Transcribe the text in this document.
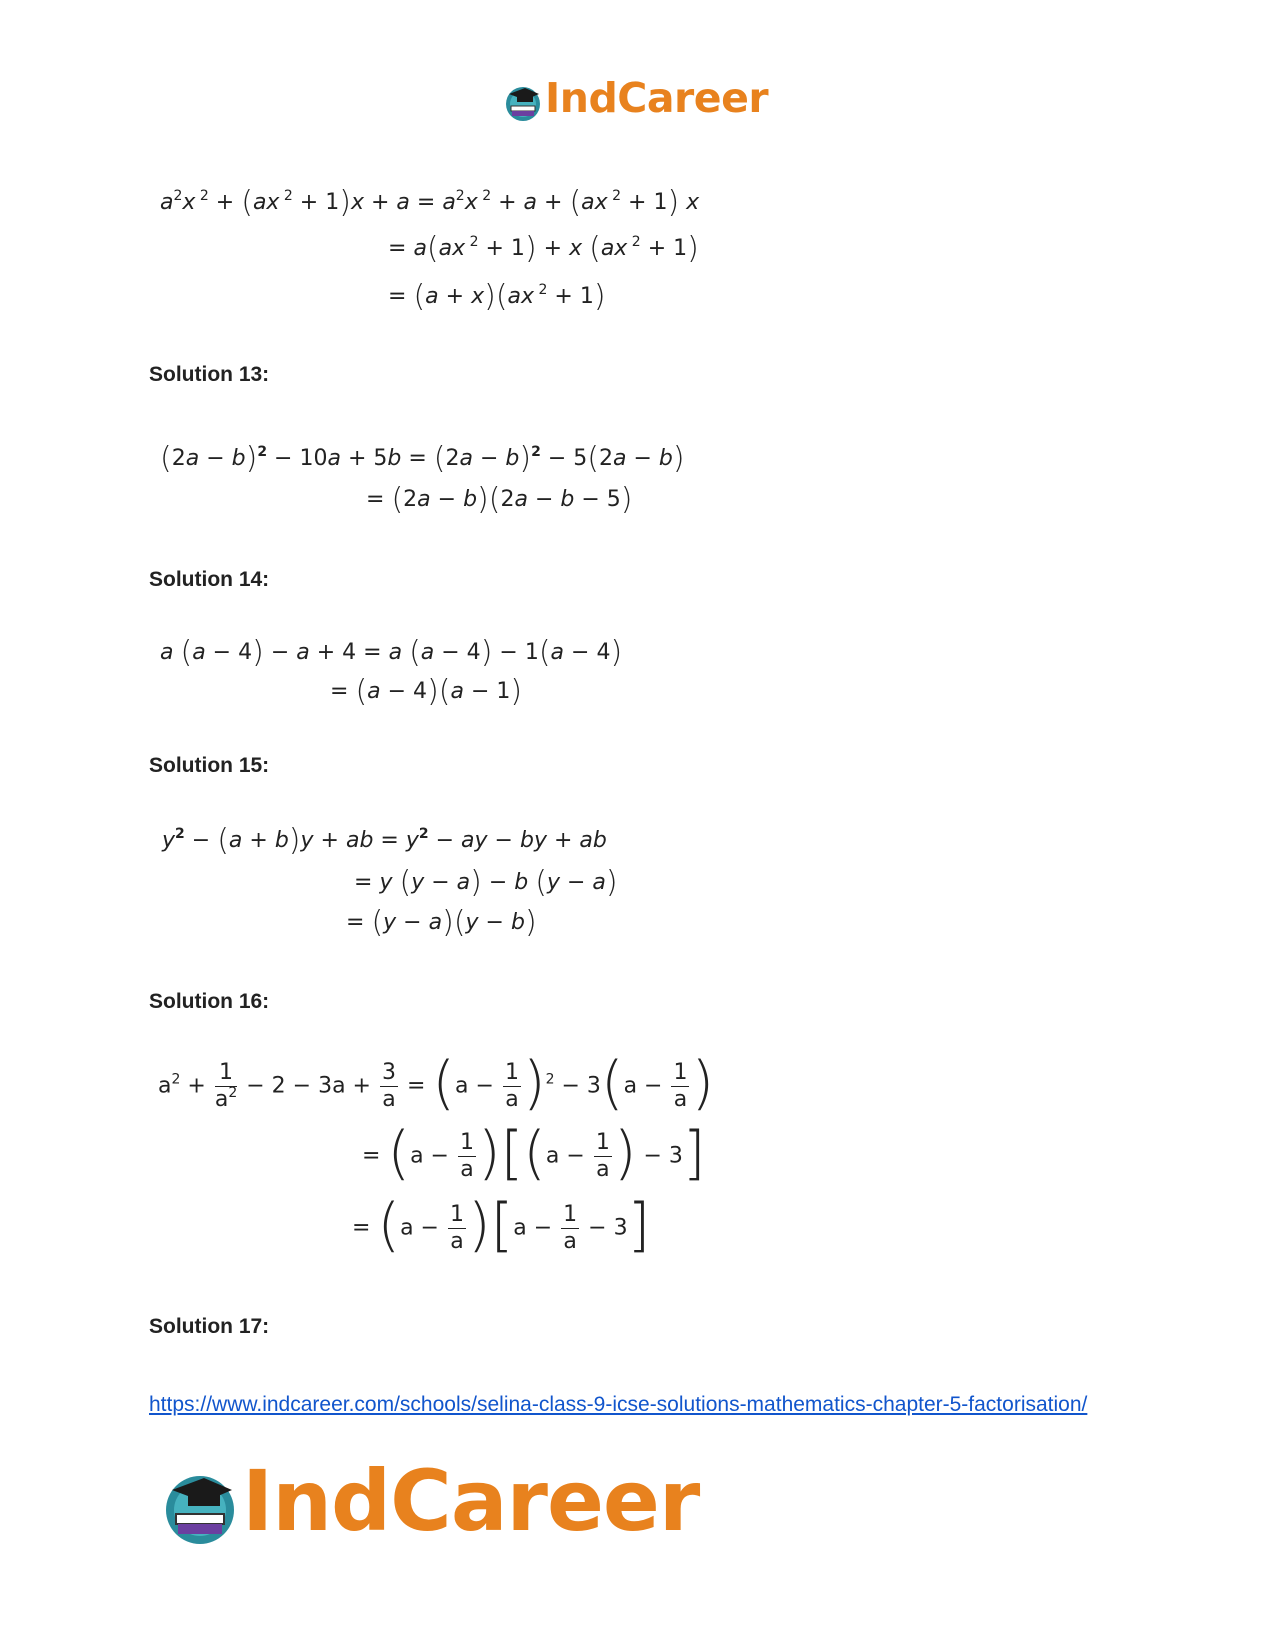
IndCareer
$a^2x$ $^2$ + (ax $^2 + 1)x + a = a^2x$ $^2$ + a + (ax $^2$ + 1) x
= a(ax $^2$ + 1) + x (ax $^2$ + 1)
= (a + x)(ax $^2$ + 1)
Solution 13:
$(2a - b)^2 - 10a + 5b = (2a - b)^2 - 5(2a - b)$
= (2a − b)(2a − b − 5)
Solution 14:
a (a − 4) − a + 4 = a (a − 4) − 1(a − 4)
= (a − 4)(a − 1)
Solution 15:
$y^2 - (a + b)y$ + ab = $y^2$ − ay − by + ab
= y (y − a) − b (y − a)
= (y − a)(y − b)
Solution 16:
$a^2 + \frac{1}{a^2} - 2 - 3a + \frac{3}{a} = (a - \frac{1}{a} )^2 - 3(a - \frac{1}{a}$ )
= $(a - \frac{1}{a} )[(a - \frac{1}{a}$ ) − 3]
= $(a - \frac{1}{a} )[a - \frac{1}{a} - 3]$
Solution 17:
https://www.indcareer.com/schools/selina-class-9-icse-solutions-mathematics-chapter-5-factorisation/
IndCareer
